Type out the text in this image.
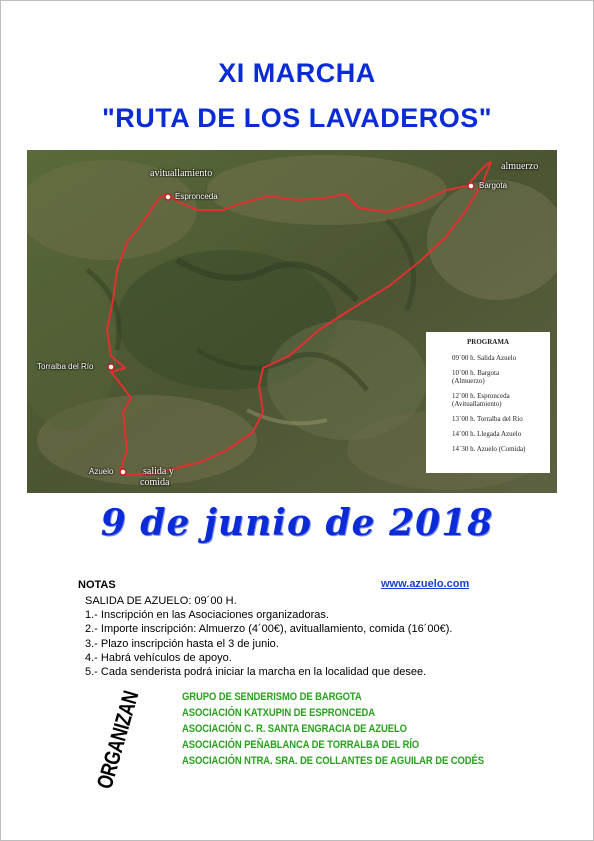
XI MARCHA
"RUTA DE LOS LAVADEROS"
avituallamiento
Espronceda
almuerzo
Bargota
Torralba del Río
Azuelo	salida y
comida
PROGRAMA
09´00 h. Salida Azuelo
10´00 h. Bargota
(Almuerzo)
12´00 h. Espronceda
(Avituallamiento)
13´00 h. Torralba del Rio
14´00 h. Llegada Azuelo
14´30 h. Azuelo (Comida)
9 de junio de 2018
NOTAS	www.azuelo.com
SALIDA DE AZUELO: 09´00 H.
1.- Inscripción en las Asociaciones organizadoras.
2.- Importe inscripción: Almuerzo (4´00€), avituallamiento, comida (16´00€).
3.- Plazo inscripción hasta el 3 de junio.
4.- Habrá vehículos de apoyo.
5.- Cada senderista podrá iniciar la marcha en la localidad que desee.
ORGANIZAN	GRUPO DE SENDERISMO DE BARGOTA
ASOCIACIÓN KATXUPIN DE ESPRONCEDA
ASOCIACIÓN C. R. SANTA ENGRACIA DE AZUELO
ASOCIACIÓN PEÑABLANCA DE TORRALBA DEL RÍO
ASOCIACIÓN NTRA. SRA. DE COLLANTES DE AGUILAR DE CODÉS
